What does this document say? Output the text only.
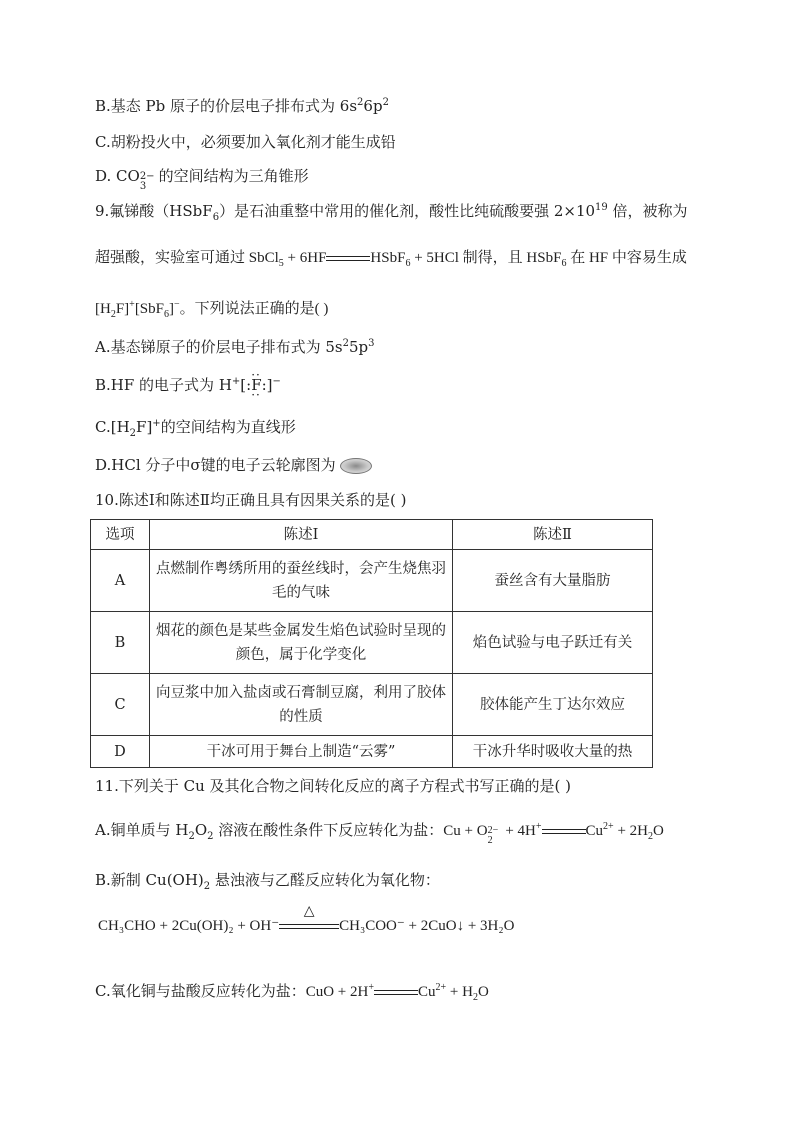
B.基态 Pb 原子的价层电子排布式为 $6s^26p^2$
C.胡粉投火中，必须要加入氧化剂才能生成铅
D. CO
3
2− 的空间结构为三角锥形
9.氟锑酸（HSbF$_6$）是石油重整中常用的催化剂，酸性比纯硫酸要强 $2\times 10^{19}$ 倍，被称为
超强酸，实验室可通过 SbCl$_5$ + 6HF	HSbF$_6$ + 5HCl 制得，且 HSbF$_6$ 在 HF 中容易生成
$[H_2F]^+[SbF_6]^-$。下列说法正确的是( )
A.基态锑原子的价层电子排布式为 $5s^25p^3$
B.HF 的电子式为 H+[:·· F ··:]−
$C.[H_2F]^+$的空间结构为直线形
D.HCl 分子中σ键的电子云轮廓图为
10.陈述Ⅰ和陈述Ⅱ均正确且具有因果关系的是( )
选项	陈述Ⅰ	陈述Ⅱ
A	点燃制作粤绣所用的蚕丝线时，会产生烧焦羽毛的气味	蚕丝含有大量脂肪
B	烟花的颜色是某些金属发生焰色试验时呈现的颜色，属于化学变化	焰色试验与电子跃迁有关
C	向豆浆中加入盐卤或石膏制豆腐，利用了胶体的性质	胶体能产生丁达尔效应
D	干冰可用于舞台上制造“云雾”	干冰升华时吸收大量的热
11.下列关于 Cu 及其化合物之间转化反应的离子方程式书写正确的是( )
A.铜单质与 $H_2O_2$ 溶液在酸性条件下反应转化为盐：Cu + O
2
2− + 4H+	$Cu^{2+} + 2H_2O$
B.新制 $Cu(OH)_2$ 悬浊液与乙醛反应转化为氧化物：
CH₃CHO + 2Cu(OH)₂ + OH⁻
△
CH₃COO⁻ + 2CuO↓ + 3H₂O
C.氧化铜与盐酸反应转化为盐：CuO + 2H+	$Cu^{2+} + H_2O$
